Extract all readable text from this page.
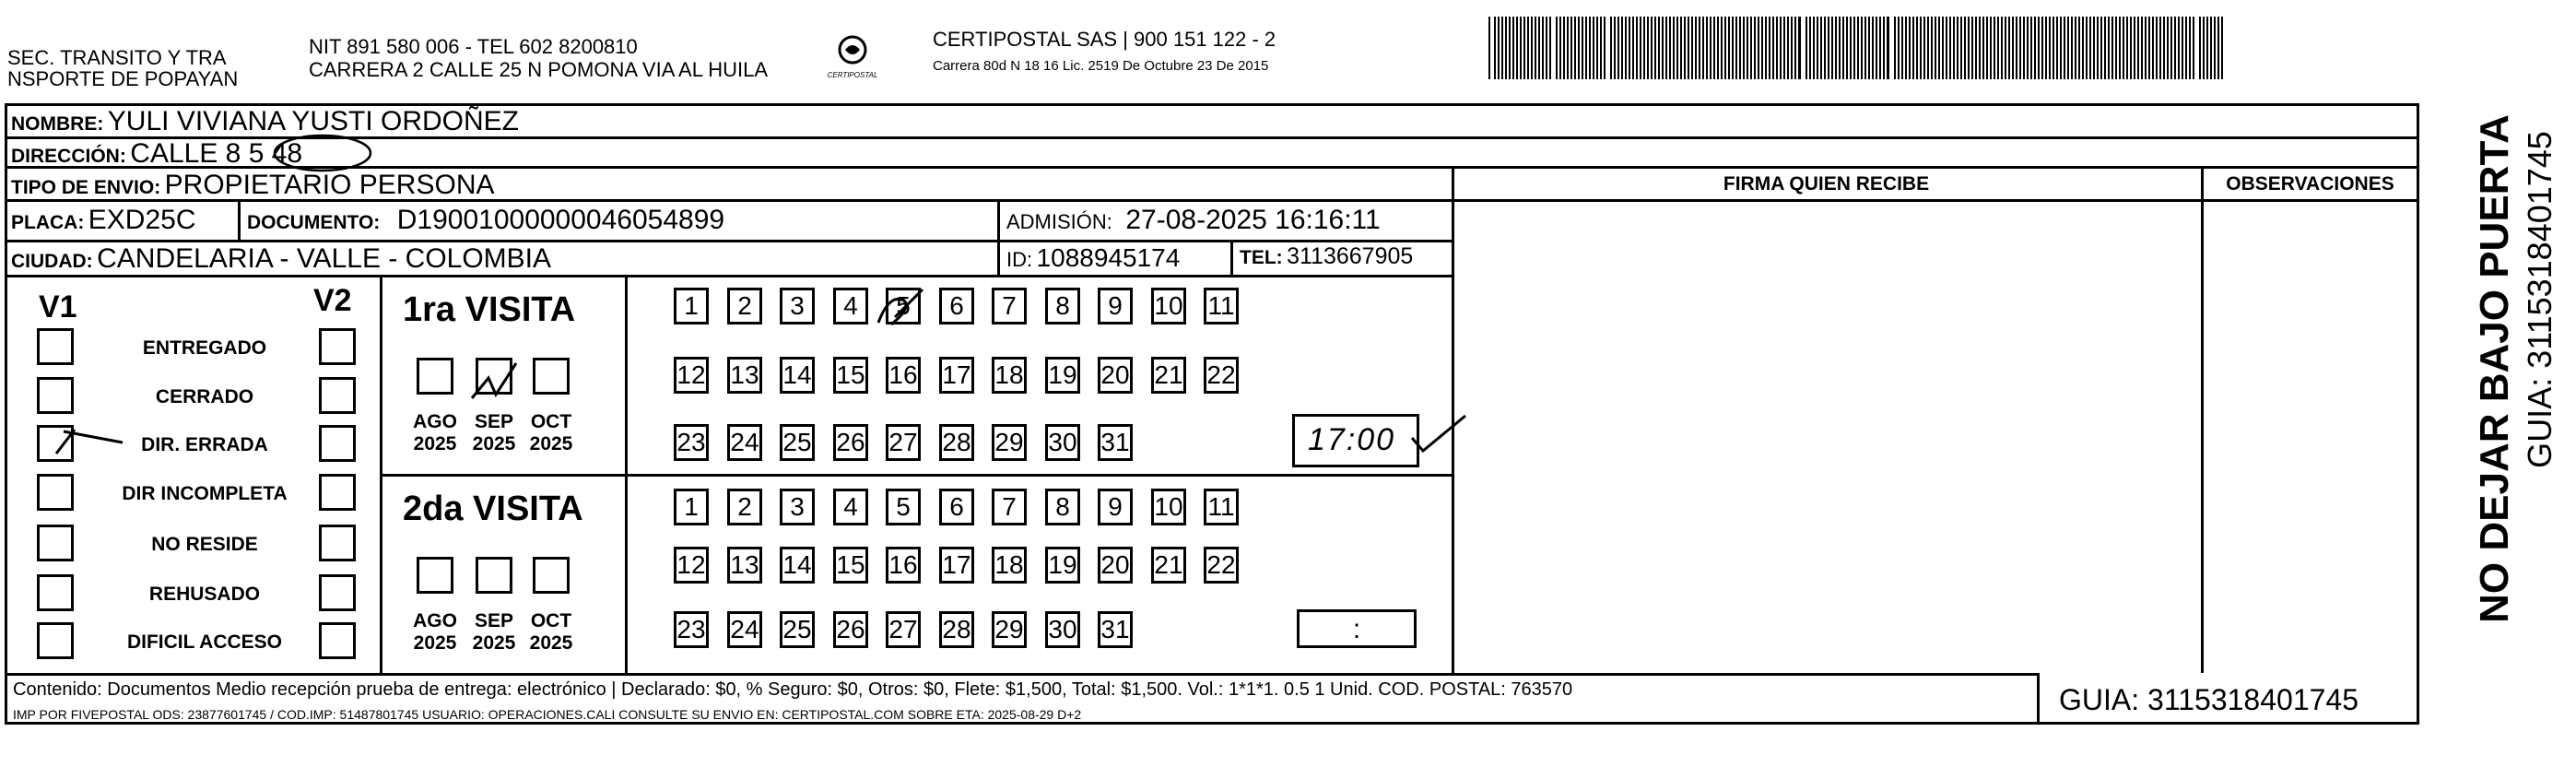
SEC. TRANSITO Y TRA
NSPORTE DE POPAYAN
NIT 891 580 006 - TEL 602 8200810
CARRERA 2 CALLE 25 N POMONA VIA AL HUILA	CERTIPOSTAL
CERTIPOSTAL SAS | 900 151 122 - 2
Carrera 80d N 18 16 Lic. 2519 De Octubre 23 De 2015
NOMBRE: YULI VIVIANA YUSTI ORDOÑEZ
DIRECCIÓN: CALLE 8 5 48
TIPO DE ENVIO: PROPIETARIO PERSONA
PLACA: EXD25C	DOCUMENTO: D19001000000046054899	ADMISIÓN: 27-08-2025 16:16:11
CIUDAD: CANDELARIA - VALLE - COLOMBIA	ID: 1088945174	TEL: 3113667905
FIRMA QUIEN RECIBE	OBSERVACIONES
V1	V2
ENTREGADO
CERRADO
DIR. ERRADA
DIR INCOMPLETA
NO RESIDE
REHUSADO
DIFICIL ACCESO
1ra VISITA
AGO
2025
SEP
2025
OCT
2025
1	2	3	4	5	6	7	8	9	10 11
12 13 14 15 16 17 18 19 20 21 22
23 24 25 26 27 28 29 30 31	17:00
2da VISITA
AGO
2025
SEP
2025
OCT
2025
1	2	3	4	5	6	7	8	9	10 11
12 13 14 15 16 17 18 19 20 21 22
23 24 25 26 27 28 29 30 31	:
Contenido: Documentos Medio recepción prueba de entrega: electrónico | Declarado: $0, % Seguro: $0, Otros: $0, Flete: $1,500, Total: $1,500. Vol.: 1*1*1. 0.5 1 Unid. COD. POSTAL: 763570
IMP POR FIVEPOSTAL ODS: 23877601745 / COD.IMP: 51487801745 USUARIO: OPERACIONES.CALI CONSULTE SU ENVIO EN: CERTIPOSTAL.COM SOBRE ETA: 2025-08-29 D+2	GUIA: 3115318401745
NO DEJAR BAJO PUERTA GUIA: 3115318401745
